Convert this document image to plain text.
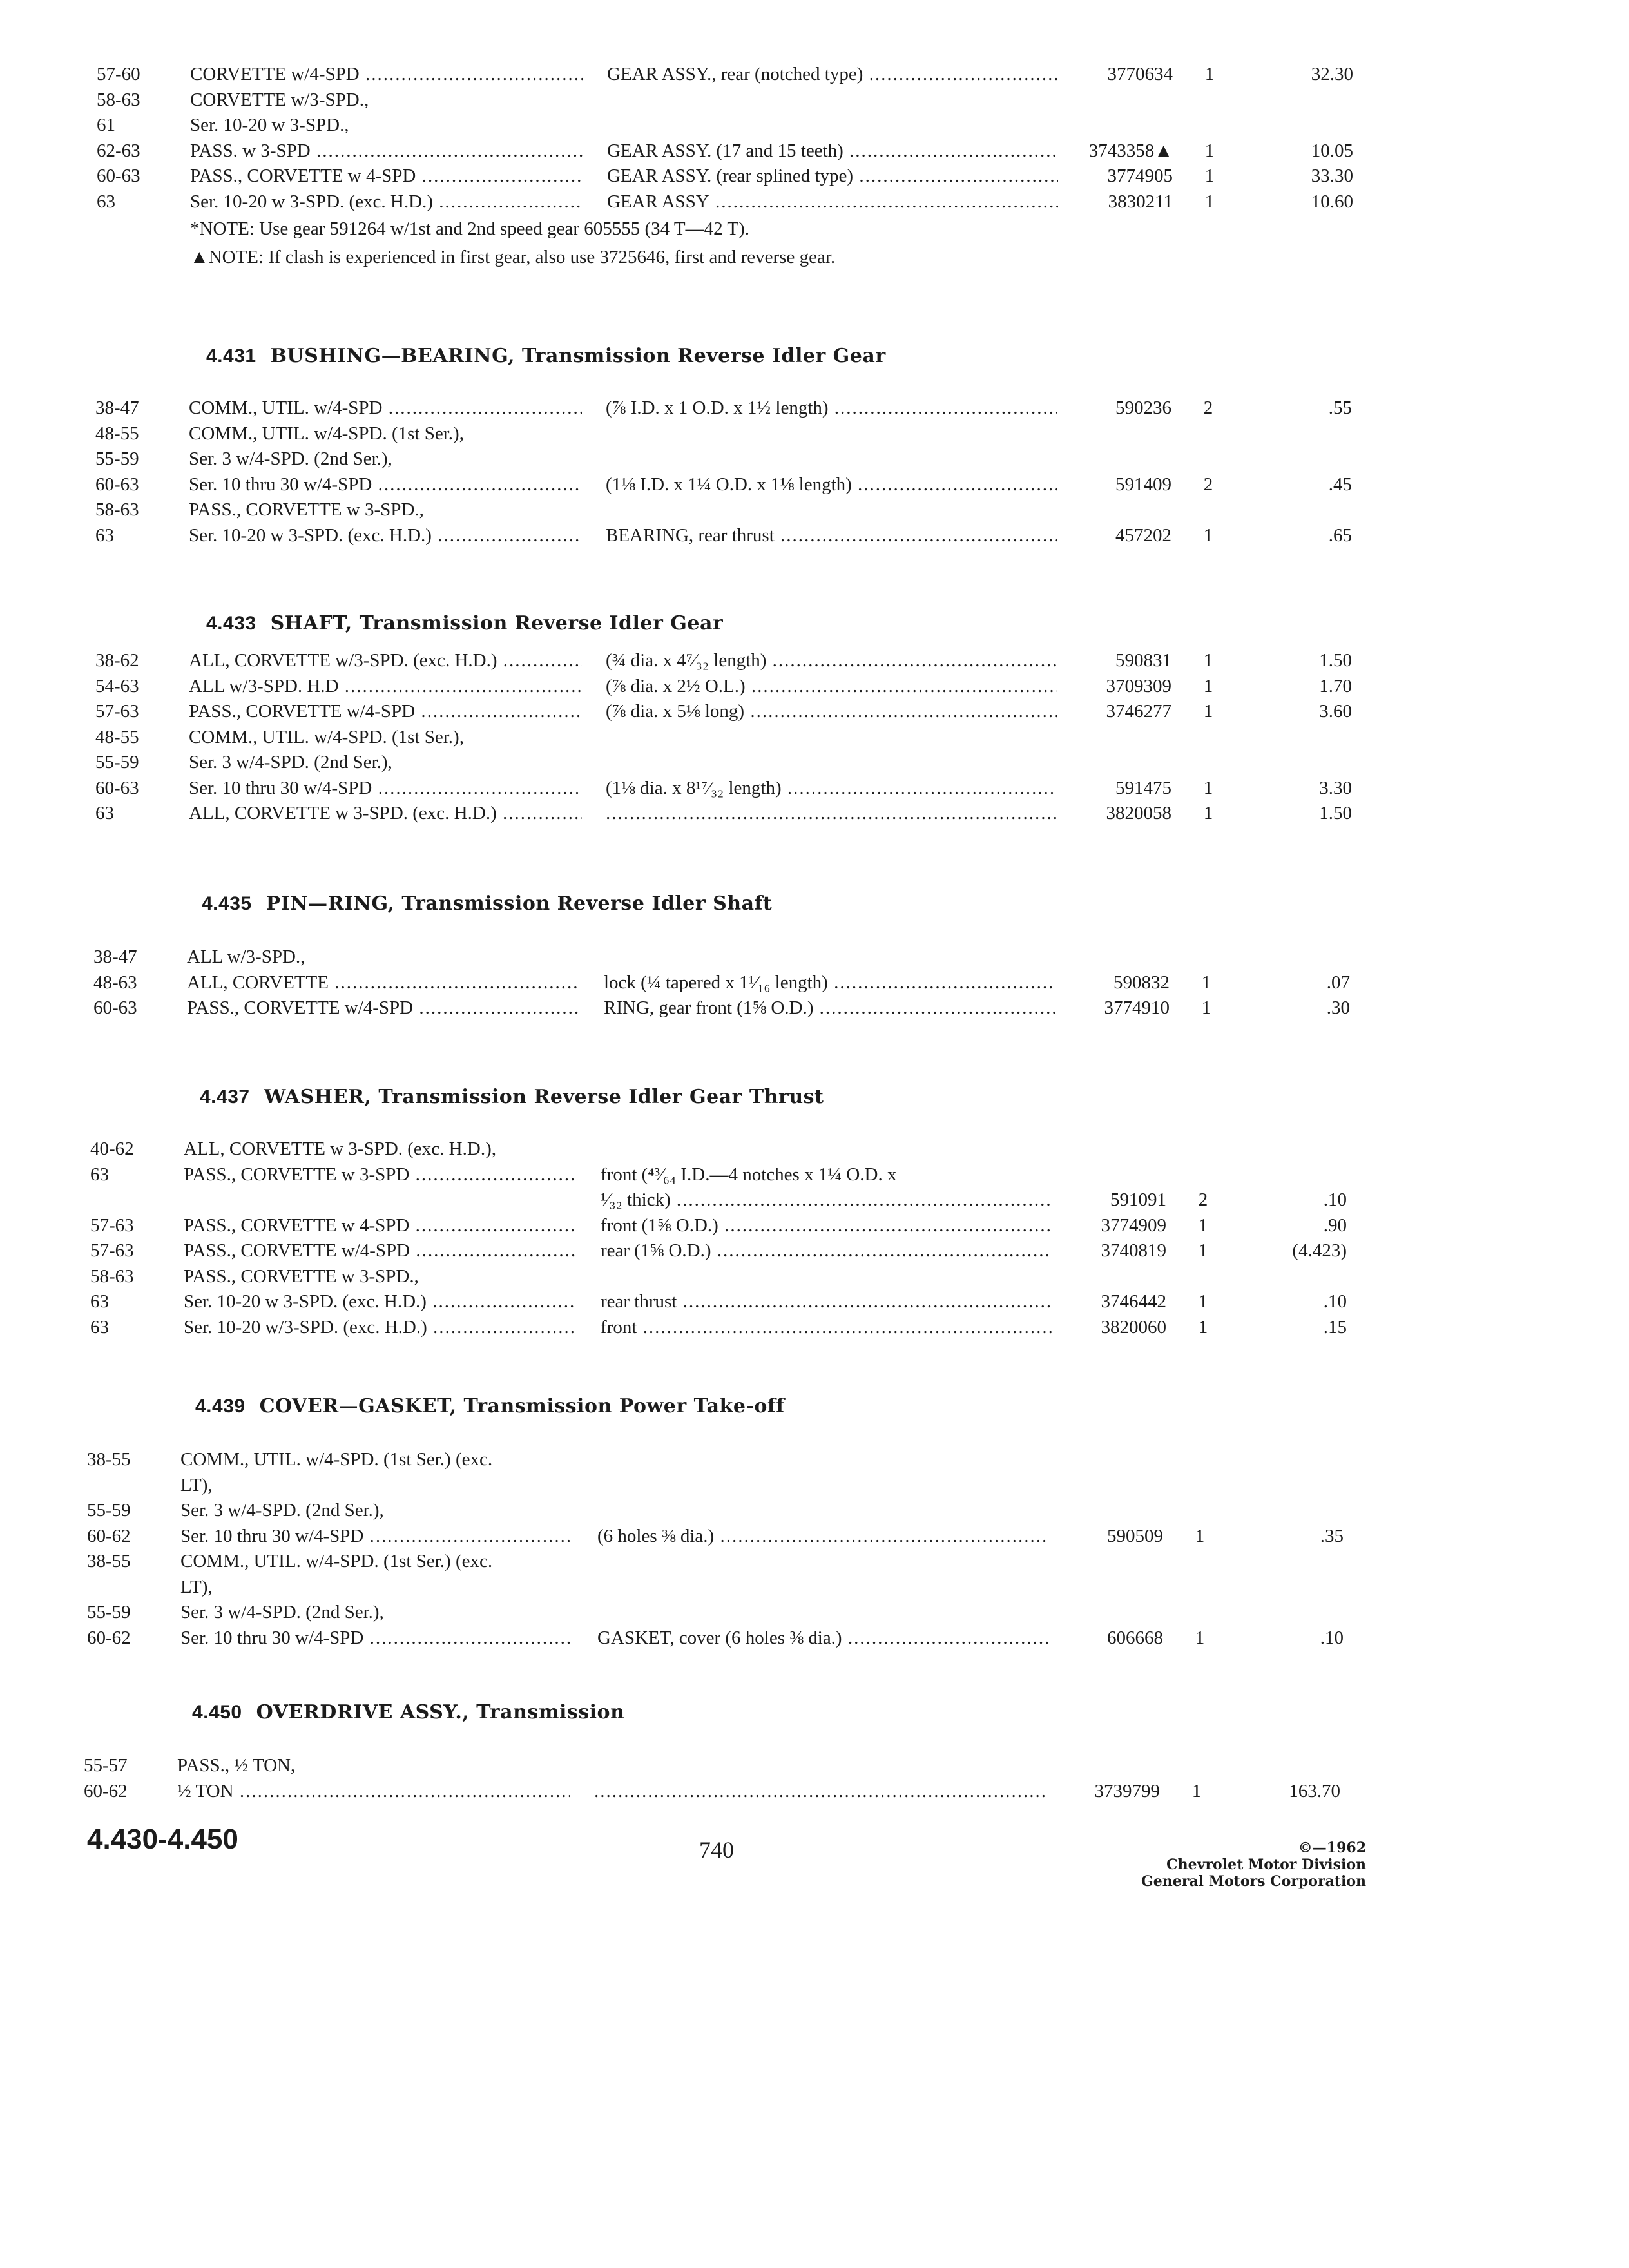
57-60	CORVETTE w/4-SPD .....	GEAR ASSY., rear (notched type) .....	3770634	1	32.30
58-63	CORVETTE w/3-SPD.,
61	Ser. 10-20 w 3-SPD.,
62-63	PASS. w 3-SPD .....	GEAR ASSY. (17 and 15 teeth) .....	3743358▲	1	10.05
60-63	PASS., CORVETTE w 4-SPD .....	GEAR ASSY. (rear splined type) .....	3774905	1	33.30
63	Ser. 10-20 w 3-SPD. (exc. H.D.) .....	GEAR ASSY .....	3830211	1	10.60
*NOTE: Use gear 591264 w/1st and 2nd speed gear 605555 (34 T—42 T).
▲NOTE: If clash is experienced in first gear, also use 3725646, first and reverse gear.
4.431 BUSHING—BEARING, Transmission Reverse Idler Gear
38-47	COMM., UTIL. w/4-SPD .....	(⅞ I.D. x 1 O.D. x 1½ length) .....	590236	2	.55
48-55	COMM., UTIL. w/4-SPD. (1st Ser.),
55-59	Ser. 3 w/4-SPD. (2nd Ser.),
60-63	Ser. 10 thru 30 w/4-SPD .....	(1⅛ I.D. x 1¼ O.D. x 1⅛ length) .....	591409	2	.45
58-63	PASS., CORVETTE w 3-SPD.,
63	Ser. 10-20 w 3-SPD. (exc. H.D.) .....	BEARING, rear thrust .....	457202	1	.65
4.433 SHAFT, Transmission Reverse Idler Gear
38-62	ALL, CORVETTE w/3-SPD. (exc. H.D.) .....	(¾ dia. x 4⁷⁄₃₂ length) .....	590831	1	1.50
54-63	ALL w/3-SPD. H.D .....	(⅞ dia. x 2½ O.L.) .....	3709309	1	1.70
57-63	PASS., CORVETTE w/4-SPD .....	(⅞ dia. x 5⅛ long) .....	3746277	1	3.60
48-55	COMM., UTIL. w/4-SPD. (1st Ser.),
55-59	Ser. 3 w/4-SPD. (2nd Ser.),
60-63	Ser. 10 thru 30 w/4-SPD .....	(1⅛ dia. x 8¹⁷⁄₃₂ length) .....	591475	1	3.30
63	ALL, CORVETTE w 3-SPD. (exc. H.D.) ..... .....	3820058	1	1.50
4.435 PIN—RING, Transmission Reverse Idler Shaft
38-47	ALL w/3-SPD.,
48-63	ALL, CORVETTE .....	lock (¼ tapered x 1¹⁄₁₆ length) .....	590832	1	.07
60-63	PASS., CORVETTE w/4-SPD .....	RING, gear front (1⅝ O.D.) .....	3774910	1	.30
4.437 WASHER, Transmission Reverse Idler Gear Thrust
40-62	ALL, CORVETTE w 3-SPD. (exc. H.D.),
63	PASS., CORVETTE w 3-SPD .....	front (⁴³⁄₆₄ I.D.—4 notches x 1¼ O.D. x
¹⁄₃₂ thick) .....	591091	2	.10
57-63	PASS., CORVETTE w 4-SPD .....	front (1⅝ O.D.) .....	3774909	1	.90
57-63	PASS., CORVETTE w/4-SPD .....	rear (1⅝ O.D.) .....	3740819	1	(4.423)
58-63	PASS., CORVETTE w 3-SPD.,
63	Ser. 10-20 w 3-SPD. (exc. H.D.) .....	rear thrust .....	3746442	1	.10
63	Ser. 10-20 w/3-SPD. (exc. H.D.) .....	front .....	3820060	1	.15
4.439 COVER—GASKET, Transmission Power Take-off
38-55	COMM., UTIL. w/4-SPD. (1st Ser.) (exc.
LT),
55-59	Ser. 3 w/4-SPD. (2nd Ser.),
60-62	Ser. 10 thru 30 w/4-SPD .....	(6 holes ⅜ dia.) .....	590509	1	.35
38-55	COMM., UTIL. w/4-SPD. (1st Ser.) (exc.
LT),
55-59	Ser. 3 w/4-SPD. (2nd Ser.),
60-62	Ser. 10 thru 30 w/4-SPD .....	GASKET, cover (6 holes ⅜ dia.) .....	606668	1	.10
4.450 OVERDRIVE ASSY., Transmission
55-57	PASS., ½ TON,
60-62	½ TON ..... .....	3739799	1	163.70
4.430-4.450	740	©—1962
Chevrolet Motor Division
General Motors Corporation
